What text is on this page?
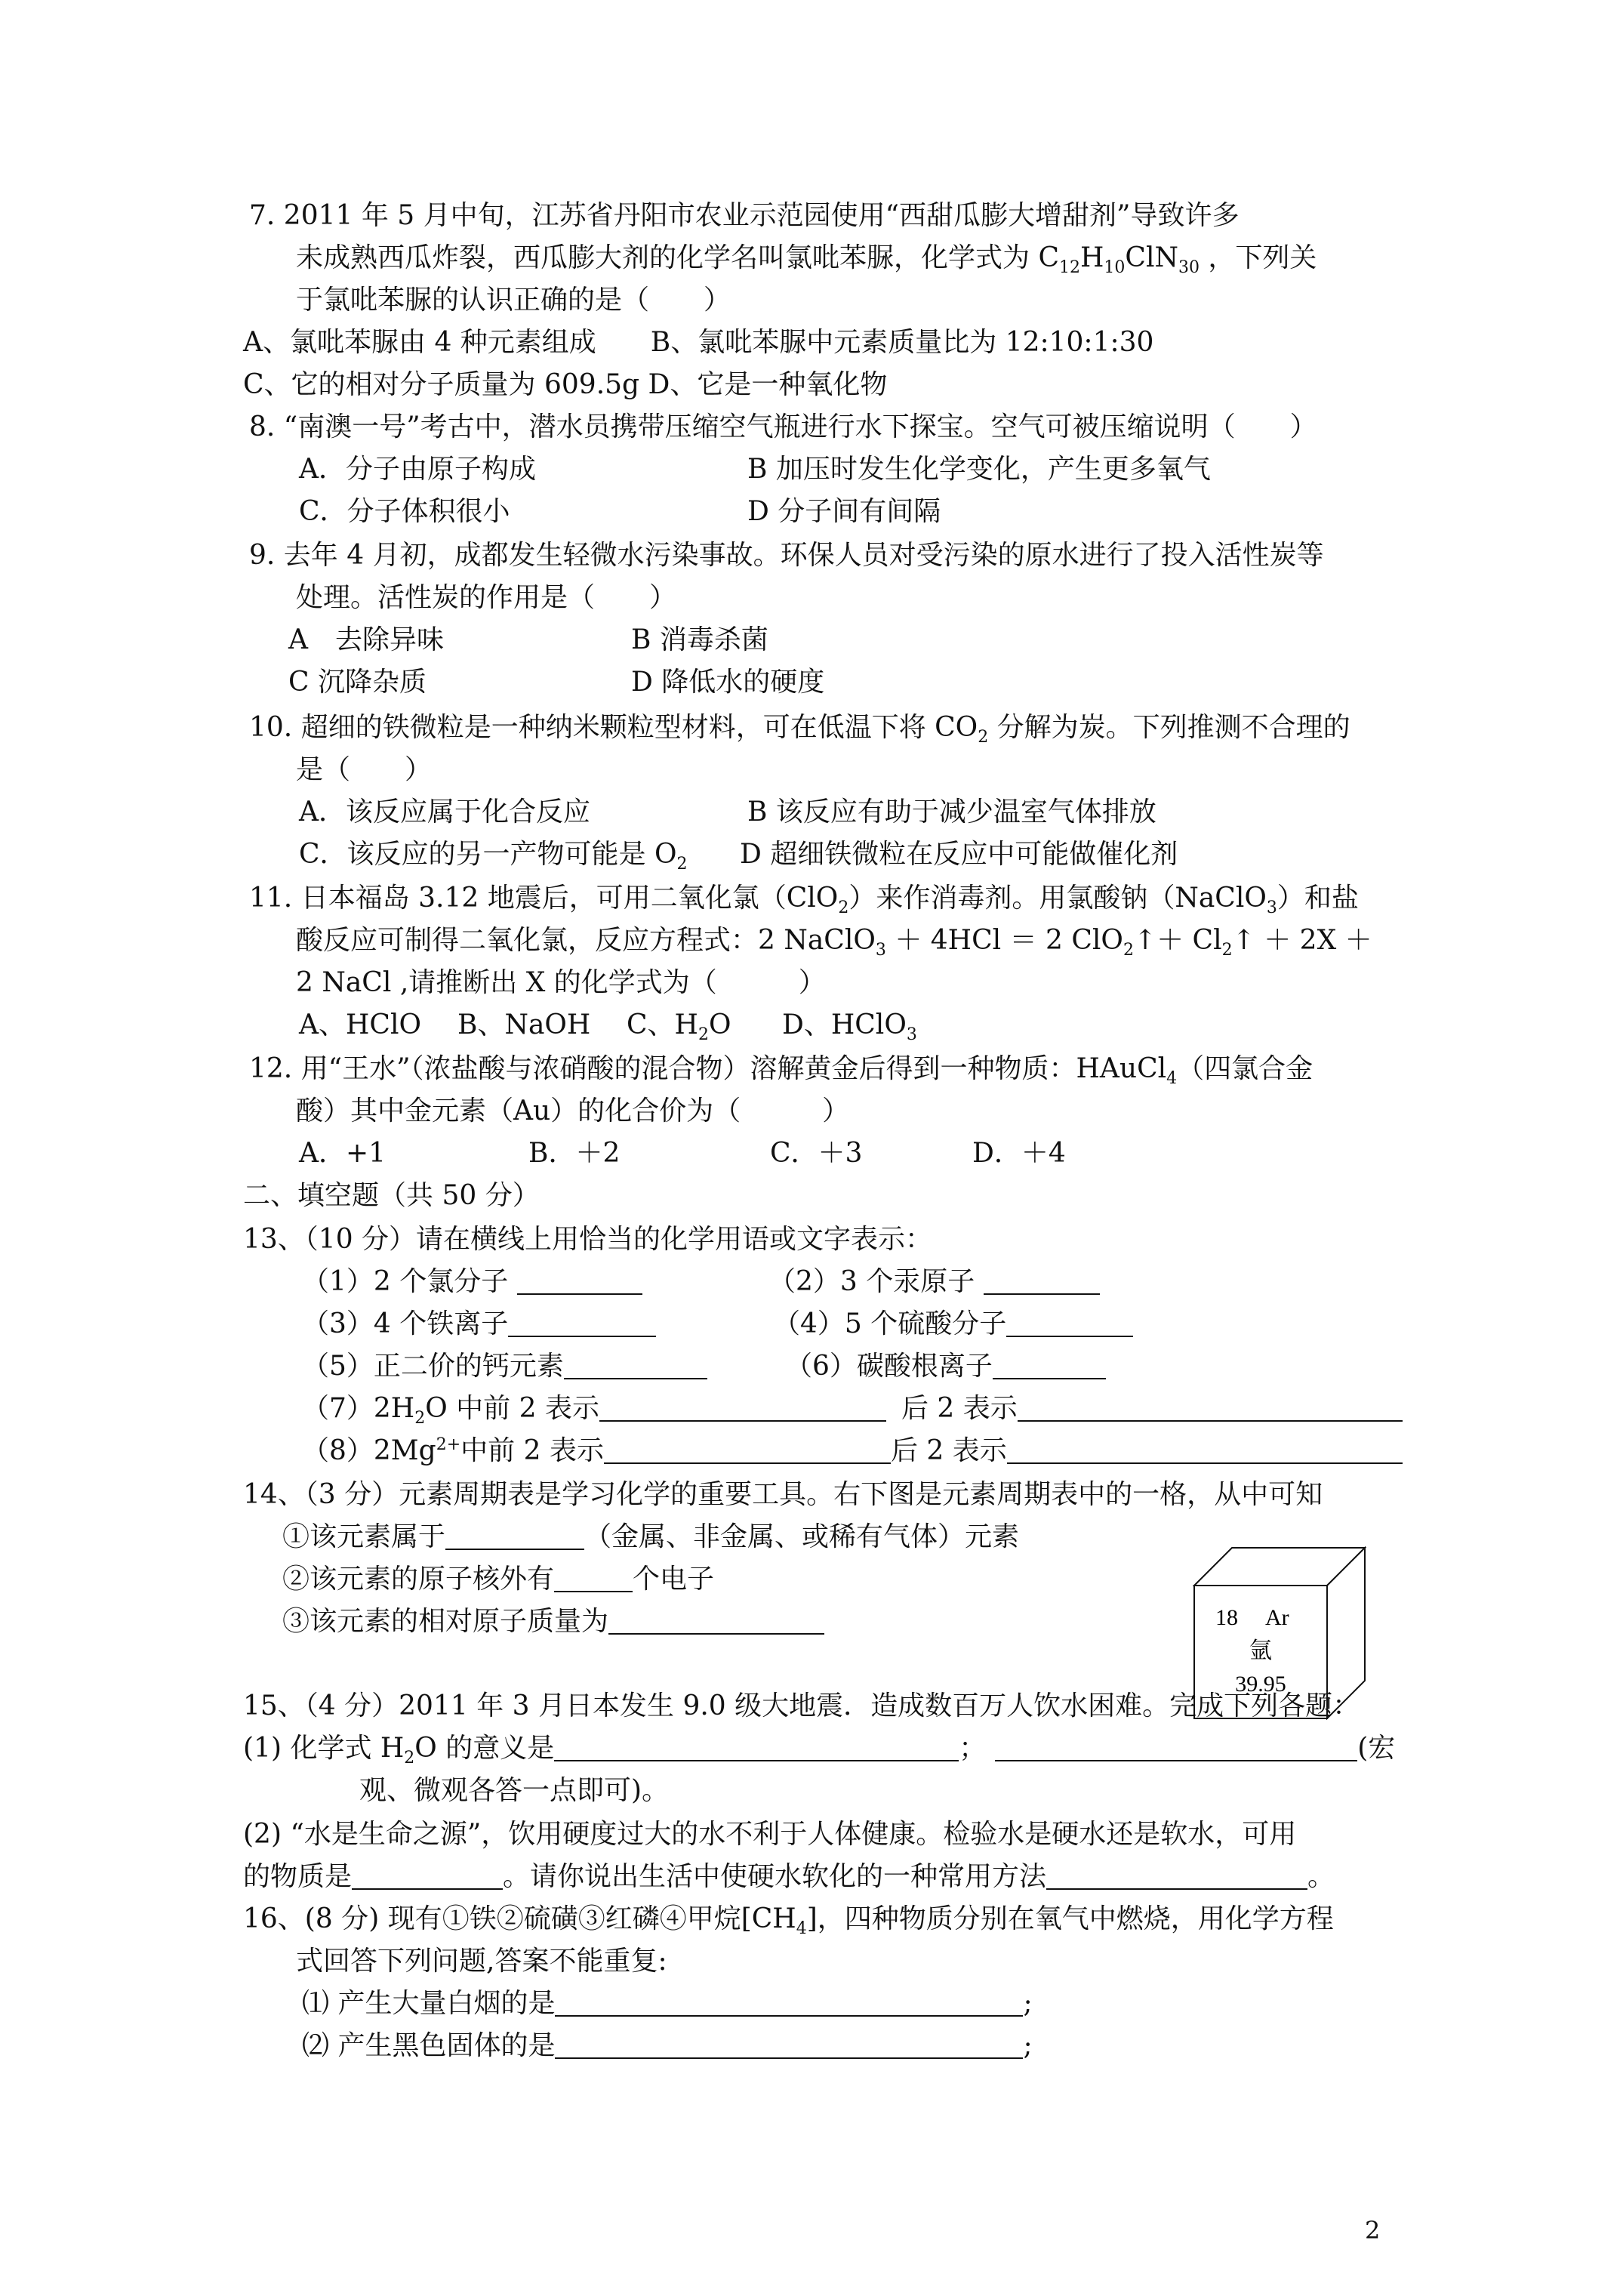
7. 2011 年 5 月中旬，江苏省丹阳市农业示范园使用“西甜瓜膨大增甜剂”导致许多
未成熟西瓜炸裂，西瓜膨大剂的化学名叫氯吡苯脲，化学式为 $C_{12}H_{10}ClN_{30}$ ，下列关
于氯吡苯脲的认识正确的是（　　）
A、氯吡苯脲由 4 种元素组成　　B、氯吡苯脲中元素质量比为 12:10:1:30
C、它的相对分子质量为 609.5g D、它是一种氧化物
8. “南澳一号”考古中，潜水员携带压缩空气瓶进行水下探宝。空气可被压缩说明（　　）
A．分子由原子构成	B 加压时发生化学变化，产生更多氧气
C．分子体积很小	D 分子间有间隔
9. 去年 4 月初，成都发生轻微水污染事故。环保人员对受污染的原水进行了投入活性炭等
处理。活性炭的作用是（　　）
A　去除异味	B 消毒杀菌
C 沉降杂质	D 降低水的硬度
10. 超细的铁微粒是一种纳米颗粒型材料，可在低温下将 $CO_2$ 分解为炭。下列推测不合理的
是（　　）
A．该反应属于化合反应	B 该反应有助于减少温室气体排放
C．该反应的另一产物可能是 $O_2$ D 超细铁微粒在反应中可能做催化剂
11. 日本福岛 3.12 地震后，可用二氧化氯（ClO$_2$）来作消毒剂。用氯酸钠（NaClO$_3$）和盐
酸反应可制得二氧化氯，反应方程式：2 NaClO$_3$ ＋ 4HCl ＝ 2 ClO$_2$↑＋ $Cl_2↑ + 2X$ ＋
2 NaCl ,请推断出 X 的化学式为（　　　）
A、HClO B、NaOH C、$H_2O$ D、HClO$_3$
12. 用“王水”（浓盐酸与浓硝酸的混合物）溶解黄金后得到一种物质：HAuCl$_4$（四氯合金
酸）其中金元素（Au）的化合价为（　　　）
A．+1	B．＋2	C．＋3	D．＋4
二、填空题（共 50 分）
13、（10 分）请在横线上用恰当的化学用语或文字表示：
（1）2 个氯分子	（2）3 个汞原子
（3）4 个铁离子	（4）5 个硫酸分子
（5）正二价的钙元素	（6）碳酸根离子
$(7)2H_2O$ 中前 2 表示	后 2 表示
$(8)2Mg^{2+}$中前 2 表示	后 2 表示
14、（3 分）元素周期表是学习化学的重要工具。右下图是元素周期表中的一格，从中可知
①该元素属于	（金属、非金属、或稀有气体）元素
②该元素的原子核外有	个电子
③该元素的相对原子质量为	18 Ar
氩
39.95
15、（4 分）2011 年 3 月日本发生 9.0 级大地震．造成数百万人饮水困难。完成下列各题：
(1) 化学式 $H_2O$ 的意义是	；	(宏
观、微观各答一点即可)。
(2) “水是生命之源”，饮用硬度过大的水不利于人体健康。检验水是硬水还是软水，可用
的物质是	。请你说出生活中使硬水软化的一种常用方法	。
16、(8 分) 现有①铁②硫磺③红磷④甲烷$[CH_4]$，四种物质分别在氧气中燃烧，用化学方程
式回答下列问题,答案不能重复:
⑴ 产生大量白烟的是	;
⑵ 产生黑色固体的是	;
2
